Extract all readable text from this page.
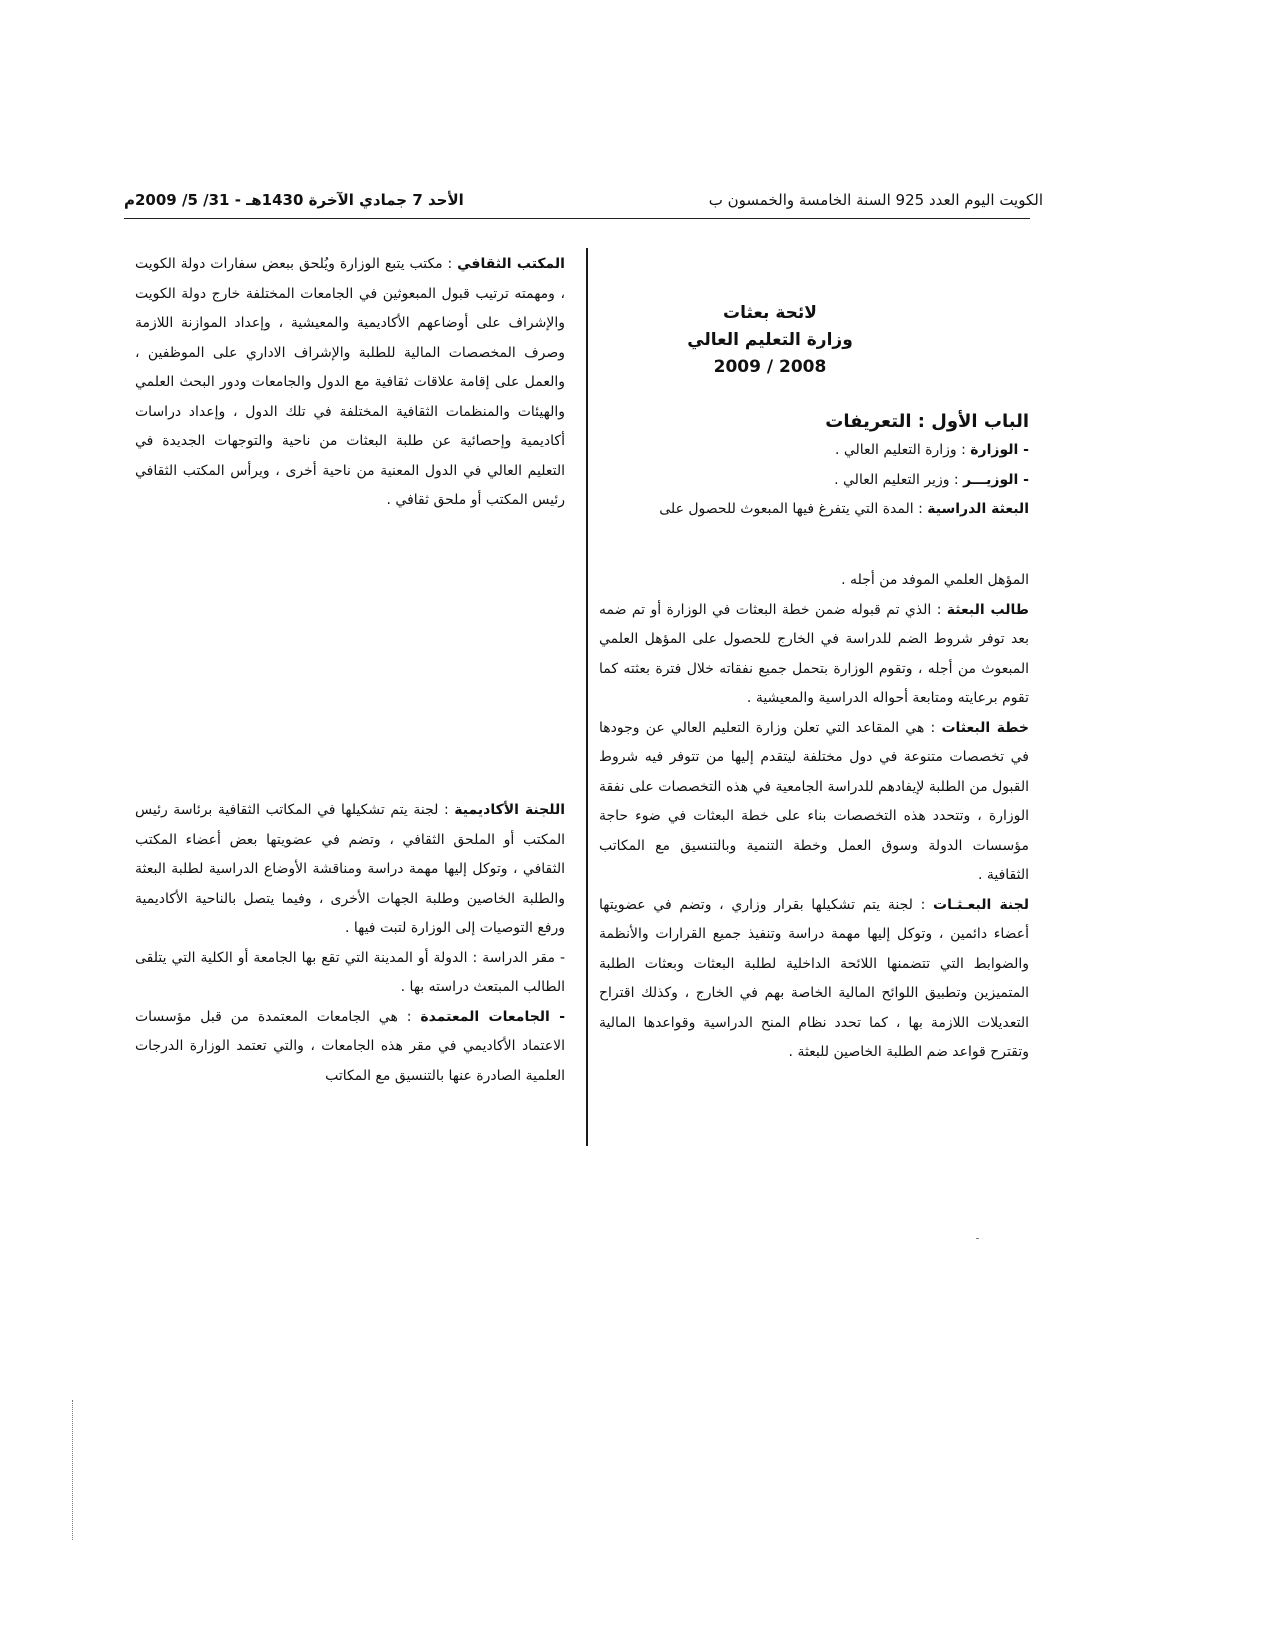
الكويت اليوم العدد 925 السنة الخامسة والخمسون ب
الأحد 7 جمادي الآخرة 1430هـ - 31/ 5/ 2009م
لائحة بعثات
وزارة التعليم العالي
2008 / 2009
الباب الأول : التعريفات

- الوزارة : وزارة التعليم العالي .

- الوزيـــر : وزير التعليم العالي .

البعثة الدراسية : المدة التي يتفرغ فيها المبعوث للحصول على

المؤهل العلمي الموفد من أجله .

طالب البعثة : الذي تم قبوله ضمن خطة البعثات في الوزارة أو تم ضمه بعد توفر شروط الضم للدراسة في الخارج للحصول على المؤهل العلمي المبعوث من أجله ، وتقوم الوزارة بتحمل جميع نفقاته خلال فترة بعثته كما تقوم برعايته ومتابعة أحواله الدراسية والمعيشية .

خطة البعثات : هي المقاعد التي تعلن وزارة التعليم العالي عن وجودها في تخصصات متنوعة في دول مختلفة ليتقدم إليها من تتوفر فيه شروط القبول من الطلبة لإيفادهم للدراسة الجامعية في هذه التخصصات على نفقة الوزارة ، وتتحدد هذه التخصصات بناء على خطة البعثات في ضوء حاجة مؤسسات الدولة وسوق العمل وخطة التنمية وبالتنسيق مع المكاتب الثقافية .

لجنة البعـثـات : لجنة يتم تشكيلها بقرار وزاري ، وتضم في عضويتها أعضاء دائمين ، وتوكل إليها مهمة دراسة وتنفيذ جميع القرارات والأنظمة والضوابط التي تتضمنها اللائحة الداخلية لطلبة البعثات وبعثات الطلبة المتميزين وتطبيق اللوائح المالية الخاصة بهم في الخارج ، وكذلك اقتراح التعديلات اللازمة بها ، كما تحدد نظام المنح الدراسية وقواعدها المالية وتقترح قواعد ضم الطلبة الخاصين للبعثة .

المكتب الثقافي : مكتب يتبع الوزارة ويُلحق ببعض سفارات دولة الكويت ، ومهمته ترتيب قبول المبعوثين في الجامعات المختلفة خارج دولة الكويت والإشراف على أوضاعهم الأكاديمية والمعيشية ، وإعداد الموازنة اللازمة وصرف المخصصات المالية للطلبة والإشراف الاداري على الموظفين ، والعمل على إقامة علاقات ثقافية مع الدول والجامعات ودور البحث العلمي والهيئات والمنظمات الثقافية المختلفة في تلك الدول ، وإعداد دراسات أكاديمية وإحصائية عن طلبة البعثات من ناحية والتوجهات الجديدة في التعليم العالي في الدول المعنية من ناحية أخرى ، ويرأس المكتب الثقافي رئيس المكتب أو ملحق ثقافي .

اللجنة الأكاديمية : لجنة يتم تشكيلها في المكاتب الثقافية برئاسة رئيس المكتب أو الملحق الثقافي ، وتضم في عضويتها بعض أعضاء المكتب الثقافي ، وتوكل إليها مهمة دراسة ومناقشة الأوضاع الدراسية لطلبة البعثة والطلبة الخاصين وطلبة الجهات الأخرى ، وفيما يتصل بالناحية الأكاديمية ورفع التوصيات إلى الوزارة لتبت فيها .

- مقر الدراسة : الدولة أو المدينة التي تقع بها الجامعة أو الكلية التي يتلقى الطالب المبتعث دراسته بها .

- الجامعات المعتمدة : هي الجامعات المعتمدة من قبل مؤسسات الاعتماد الأكاديمي في مقر هذه الجامعات ، والتي تعتمد الوزارة الدرجات العلمية الصادرة عنها بالتنسيق مع المكاتب
